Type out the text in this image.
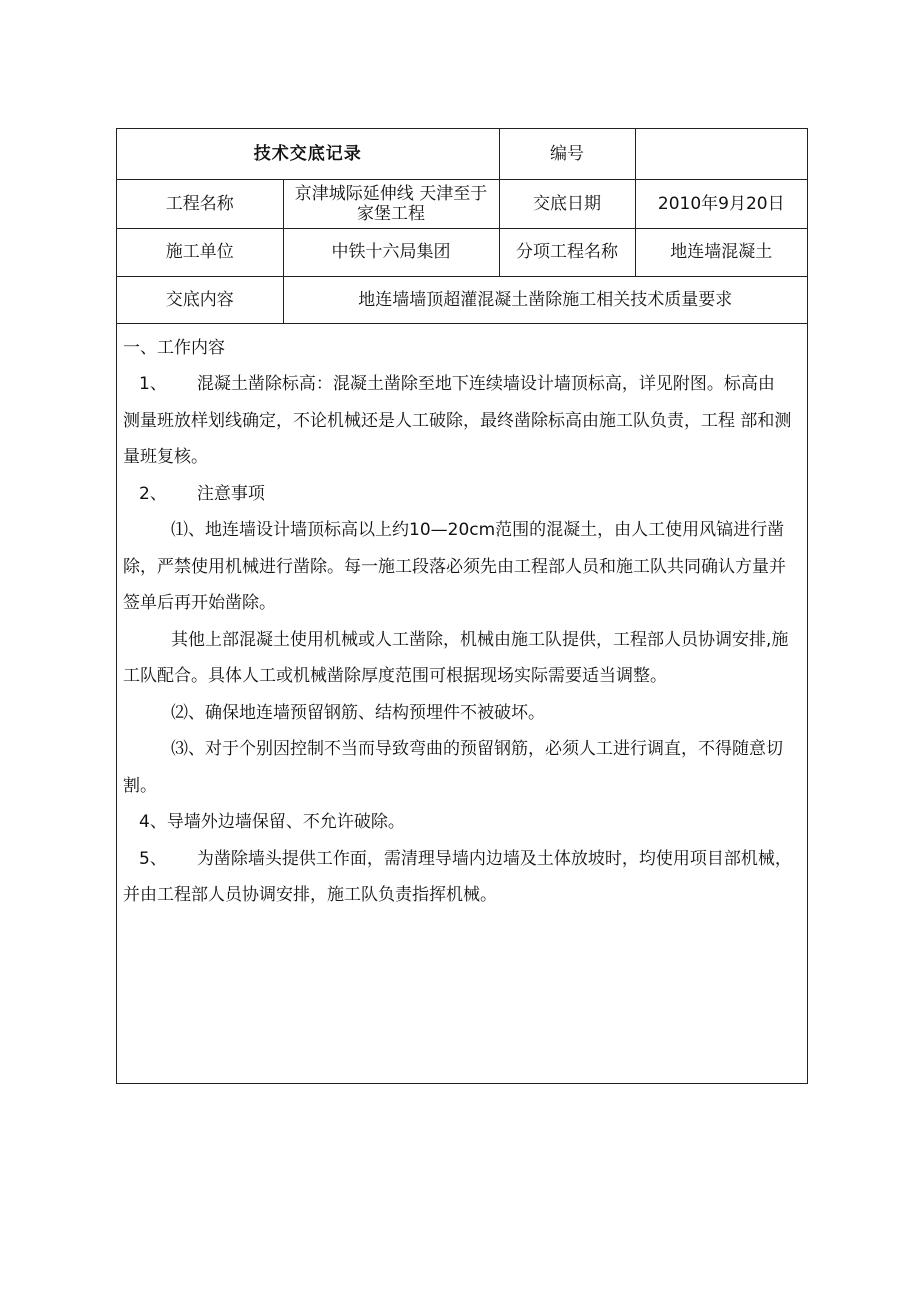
技术交底记录		编号	
工程名称	京津城际延伸线 天津至于家堡工程	交底日期	2010年9月20日
施工单位	中铁十六局集团	分项工程名称	地连墙混凝土
交底内容	地连墙墙顶超灌混凝土凿除施工相关技术质量要求		

一、工作内容

1、 混凝土凿除标高：混凝土凿除至地下连续墙设计墙顶标高，详见附图。标高由 测量班放样划线确定，不论机械还是人工破除，最终凿除标高由施工队负责，工程 部和测量班复核。

2、 注意事项

⑴、地连墙设计墙顶标高以上约10—20cm范围的混凝土，由人工使用风镐进行凿除，严禁使用机械进行凿除。每一施工段落必须先由工程部人员和施工队共同确认方量并签单后再开始凿除。

其他上部混凝土使用机械或人工凿除，机械由施工队提供，工程部人员协调安排,施工队配合。具体人工或机械凿除厚度范围可根据现场实际需要适当调整。

⑵、确保地连墙预留钢筋、结构预埋件不被破坏。

⑶、对于个别因控制不当而导致弯曲的预留钢筋，必须人工进行调直，不得随意切割。

4、导墙外边墙保留、不允许破除。

5、 为凿除墙头提供工作面，需清理导墙内边墙及土体放坡时，均使用项目部机械， 并由工程部人员协调安排，施工队负责指挥机械。
